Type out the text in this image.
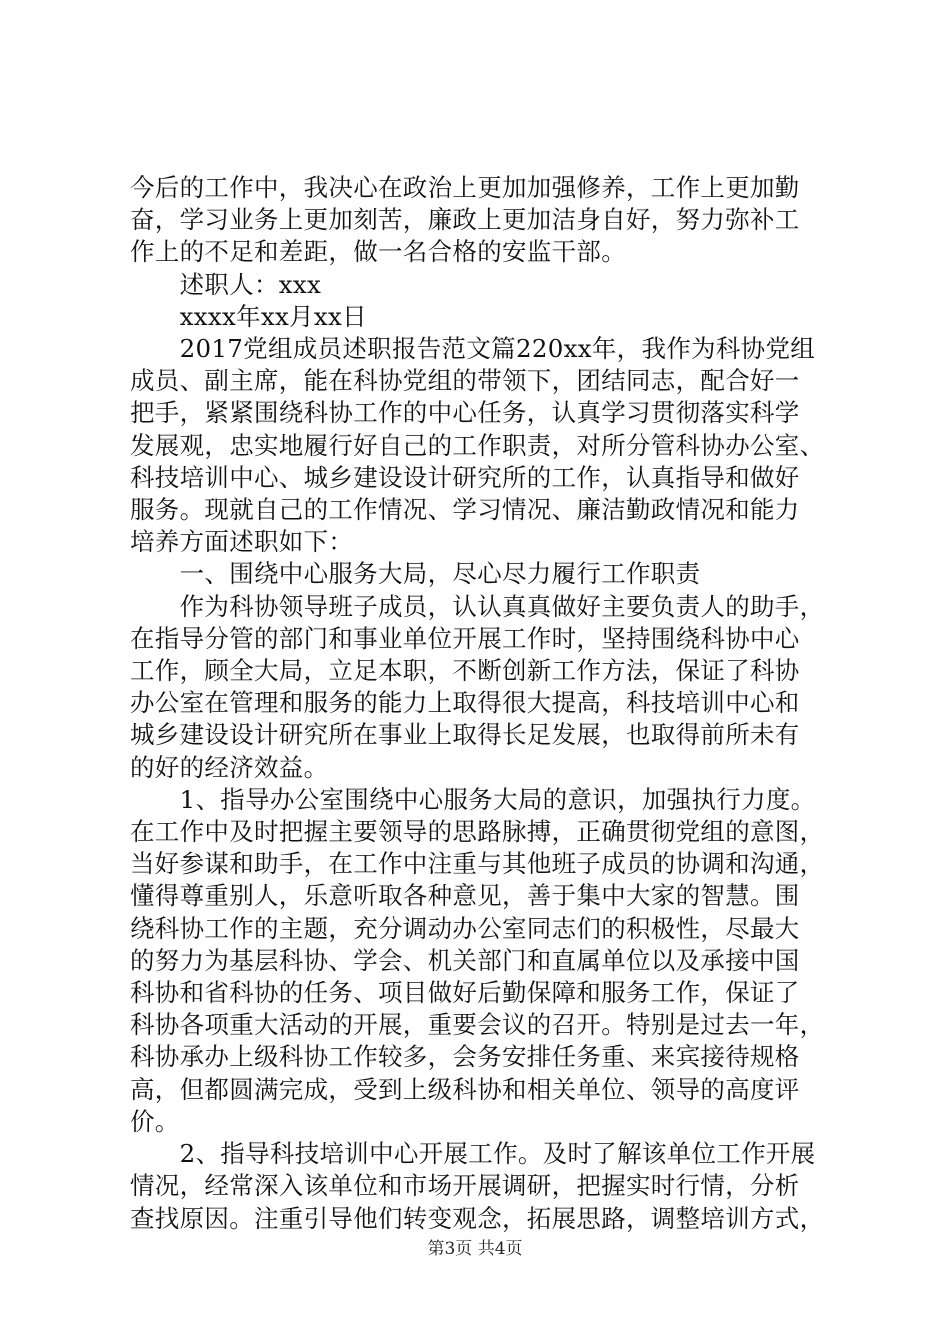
今后的工作中，我决心在政治上更加加强修养，工作上更加勤

奋，学习业务上更加刻苦，廉政上更加洁身自好，努力弥补工

作上的不足和差距，做一名合格的安监干部。

　　述职人：xxx

　　xxxx年xx月xx日

　　2017党组成员述职报告范文篇220xx年，我作为科协党组

成员、副主席，能在科协党组的带领下，团结同志，配合好一

把手，紧紧围绕科协工作的中心任务，认真学习贯彻落实科学

发展观，忠实地履行好自己的工作职责，对所分管科协办公室、

科技培训中心、城乡建设设计研究所的工作，认真指导和做好

服务。现就自己的工作情况、学习情况、廉洁勤政情况和能力

培养方面述职如下：

　　一、围绕中心服务大局，尽心尽力履行工作职责

　　作为科协领导班子成员，认认真真做好主要负责人的助手，

在指导分管的部门和事业单位开展工作时，坚持围绕科协中心

工作，顾全大局，立足本职，不断创新工作方法，保证了科协

办公室在管理和服务的能力上取得很大提高，科技培训中心和

城乡建设设计研究所在事业上取得长足发展，也取得前所未有

的好的经济效益。

　　1、指导办公室围绕中心服务大局的意识，加强执行力度。

在工作中及时把握主要领导的思路脉搏，正确贯彻党组的意图，

当好参谋和助手，在工作中注重与其他班子成员的协调和沟通，

懂得尊重别人，乐意听取各种意见，善于集中大家的智慧。围

绕科协工作的主题，充分调动办公室同志们的积极性，尽最大

的努力为基层科协、学会、机关部门和直属单位以及承接中国

科协和省科协的任务、项目做好后勤保障和服务工作，保证了

科协各项重大活动的开展，重要会议的召开。特别是过去一年，

科协承办上级科协工作较多，会务安排任务重、来宾接待规格

高，但都圆满完成，受到上级科协和相关单位、领导的高度评

价。

　　2、指导科技培训中心开展工作。及时了解该单位工作开展

情况，经常深入该单位和市场开展调研，把握实时行情，分析

查找原因。注重引导他们转变观念，拓展思路，调整培训方式，

第3页 共4页
